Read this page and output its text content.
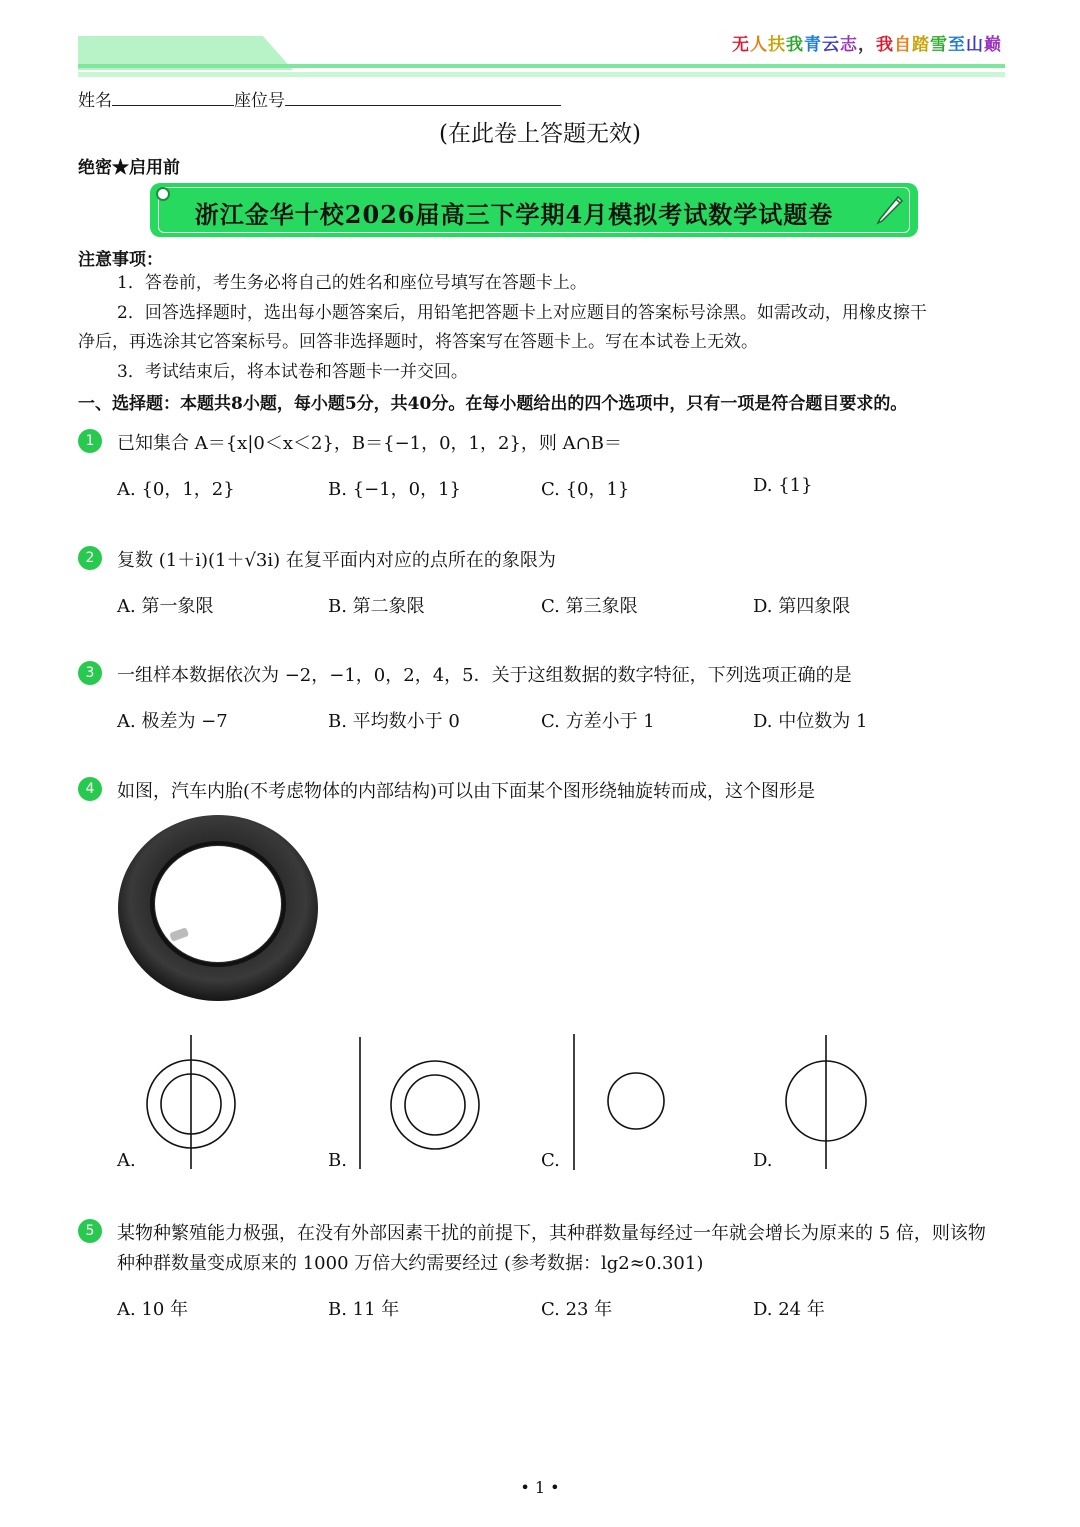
无人扶我青云志，我自踏雪至山巅
姓名	座位号
(在此卷上答题无效)
绝密★启用前
浙江金华十校2026届高三下学期4月模拟考试数学试题卷
注意事项：
1．答卷前，考生务必将自己的姓名和座位号填写在答题卡上。
2．回答选择题时，选出每小题答案后，用铅笔把答题卡上对应题目的答案标号涂黑。如需改动，用橡皮擦干
净后，再选涂其它答案标号。回答非选择题时，将答案写在答题卡上。写在本试卷上无效。
3．考试结束后，将本试卷和答题卡一并交回。
一、选择题：本题共8小题，每小题5分，共40分。在每小题给出的四个选项中，只有一项是符合题目要求的。
1	已知集合 A＝{x|0＜x＜2}，B＝{−1，0，1，2}，则 A∩B＝
A. {0，1，2}	B. {−1，0，1}	C. {0，1}	D. {1}
2	复数 (1＋i)(1＋√3i) 在复平面内对应的点所在的象限为
A. 第一象限	B. 第二象限	C. 第三象限	D. 第四象限
3	一组样本数据依次为 −2，−1，0，2，4，5．关于这组数据的数字特征，下列选项正确的是
A. 极差为 −7	B. 平均数小于 0	C. 方差小于 1	D. 中位数为 1
4	如图，汽车内胎(不考虑物体的内部结构)可以由下面某个图形绕轴旋转而成，这个图形是
A.	B.	C.	D.
5	某物种繁殖能力极强，在没有外部因素干扰的前提下，其种群数量每经过一年就会增长为原来的 5 倍，则该物
种种群数量变成原来的 1000 万倍大约需要经过 (参考数据：lg2≈0.301)
A. 10 年	B. 11 年	C. 23 年	D. 24 年
• 1 •
